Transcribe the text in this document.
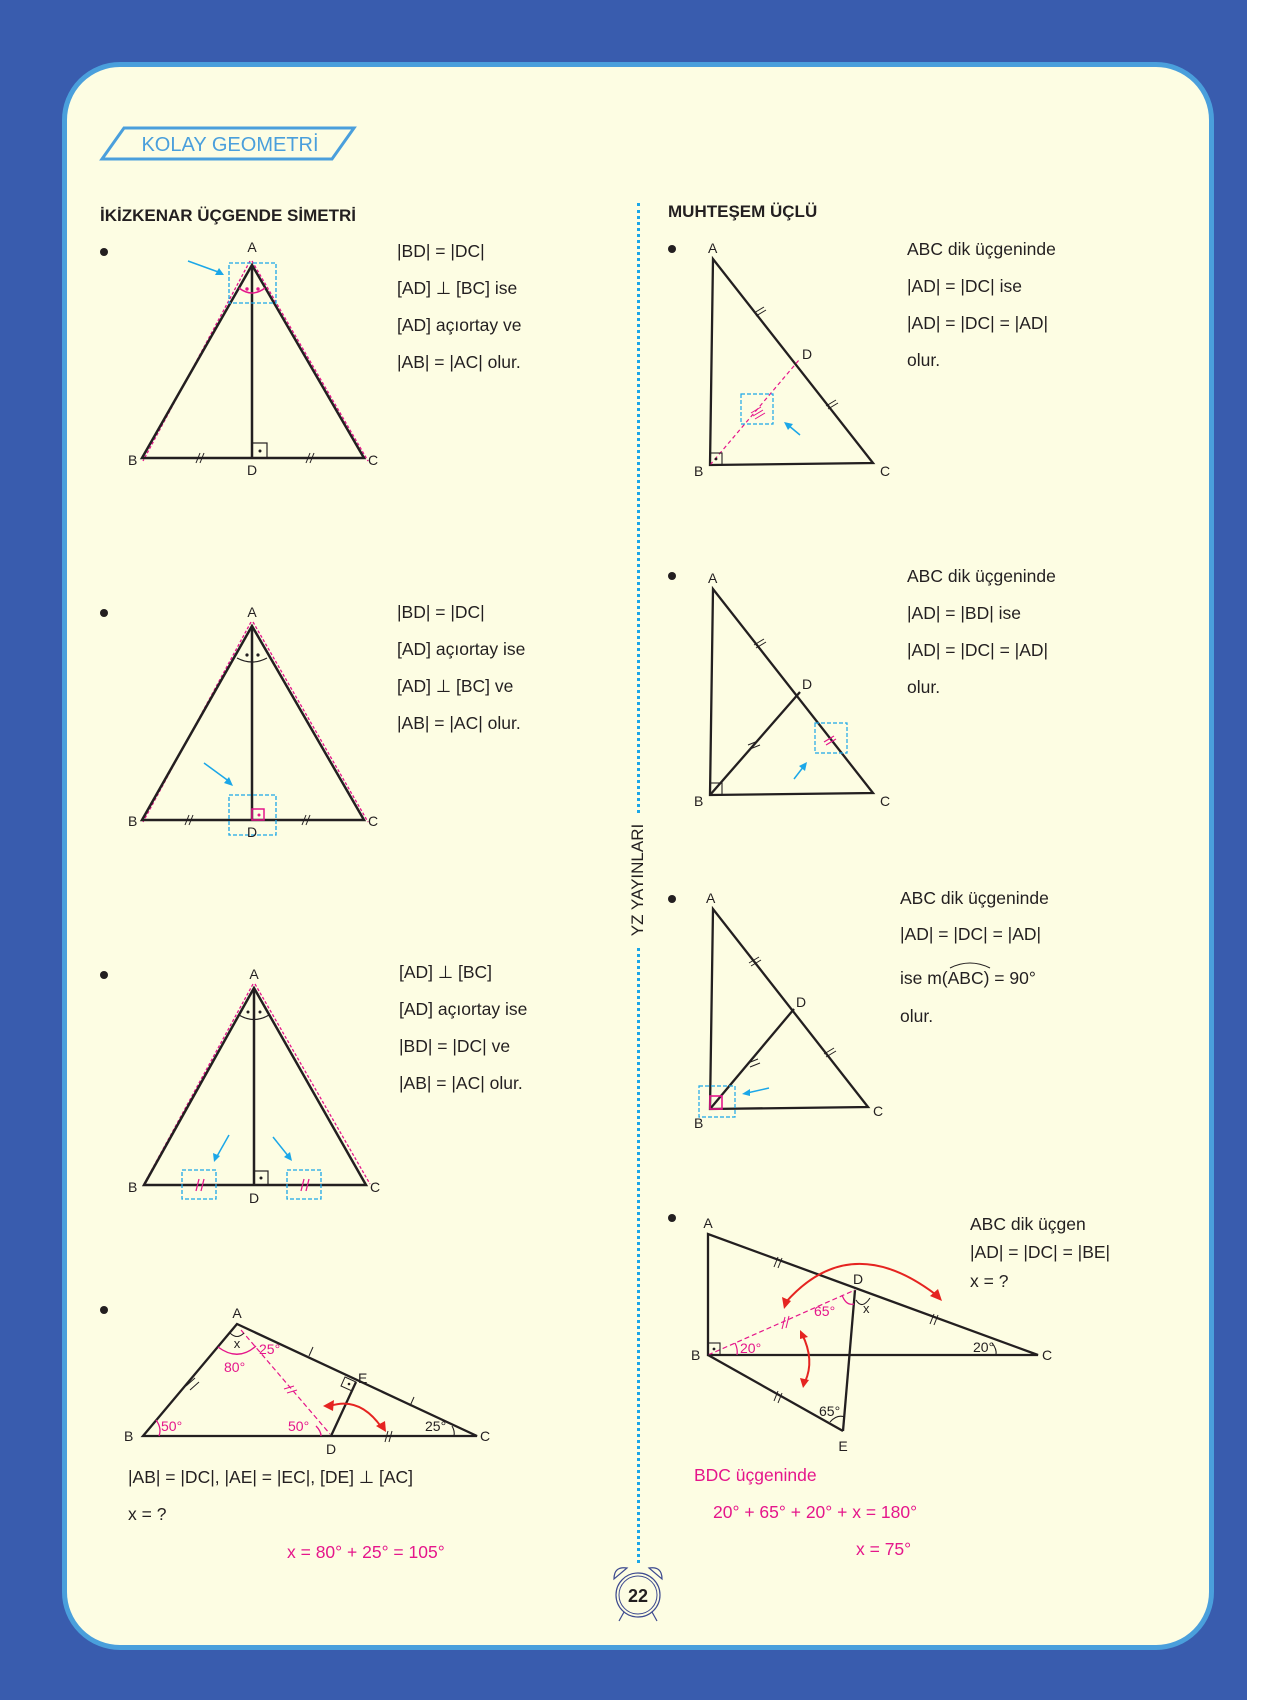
KOLAY GEOMETRİ
İKİZKENAR ÜÇGENDE SİMETRİ	MUHTEŞEM ÜÇLÜ
YZ YAYINLARI
A
B	C
D
|BD| = |DC|
[AD] ⊥ [BC] ise
[AD] açıortay ve
|AB| = |AC| olur.
A
B	C
D
|BD| = |DC|
[AD] açıortay ise
[AD] ⊥ [BC] ve
|AB| = |AC| olur.
A
B	C
D
[AD] ⊥ [BC]
[AD] açıortay ise
|BD| = |DC| ve
|AB| = |AC| olur.
A
B	C
D
E
x 25°
80°
50°	50°	25°
|AB| = |DC|, |AE| = |EC|, [DE] ⊥ [AC]
x = ?
x = 80° + 25° = 105°
A
B	C
D
ABC dik üçgeninde
|AD| = |DC| ise
|AD| = |DC| = |AD|
olur.
A
B	C
D
ABC dik üçgeninde
|AD| = |BD| ise
|AD| = |DC| = |AD|
olur.
A
B
C
D
ABC dik üçgeninde
|AD| = |DC| = |AD|
ise m(ABC) = 90°
olur.
A
B	C
D
E
20°
65° x
20°
65°
ABC dik üçgen
|AD| = |DC| = |BE|
x = ?
BDC üçgeninde
20° + 65° + 20° + x = 180°
x = 75°
22
